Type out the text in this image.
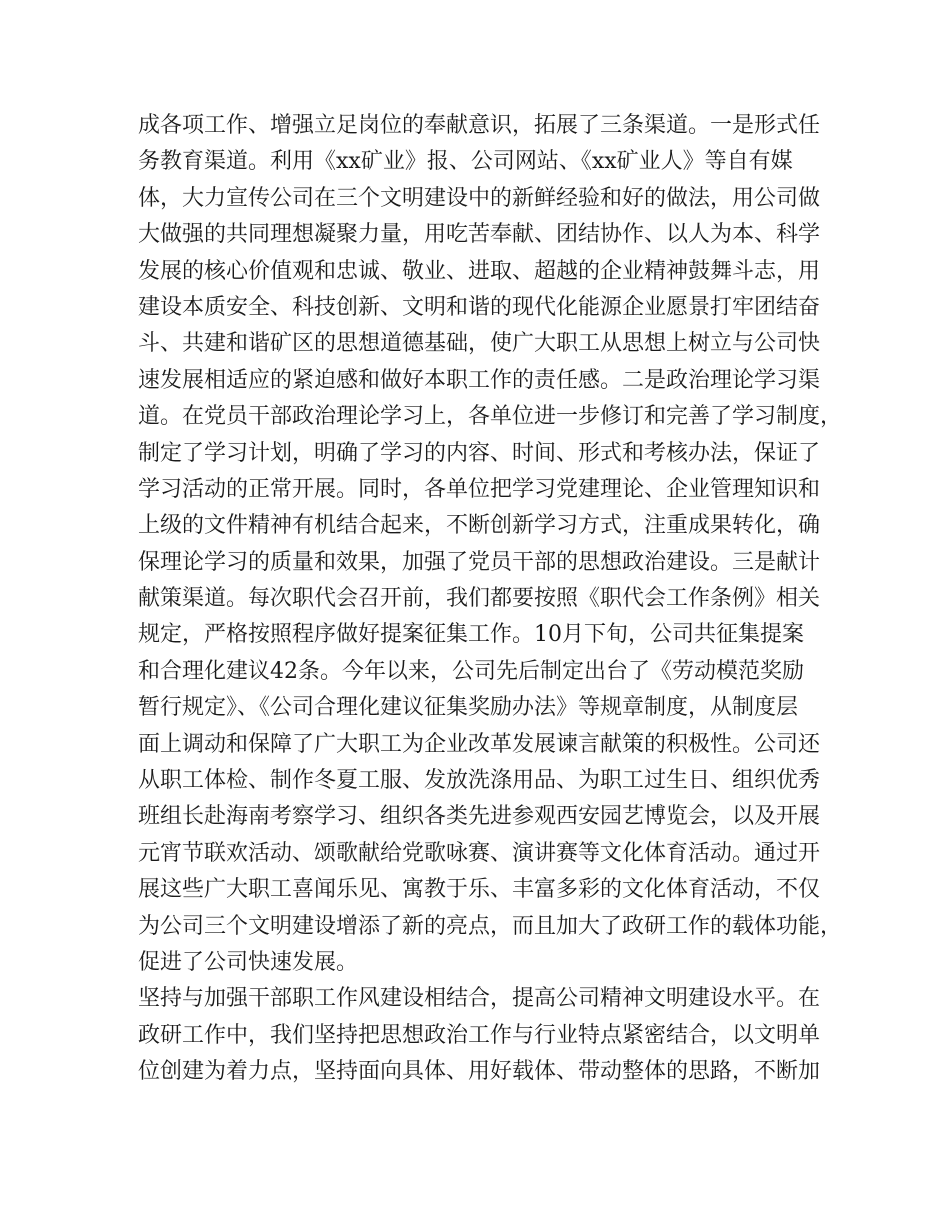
成各项工作、增强立足岗位的奉献意识，拓展了三条渠道。一是形式任
务教育渠道。利用《xx矿业》报、公司网站、《xx矿业人》等自有媒
体，大力宣传公司在三个文明建设中的新鲜经验和好的做法，用公司做
大做强的共同理想凝聚力量，用吃苦奉献、团结协作、以人为本、科学
发展的核心价值观和忠诚、敬业、进取、超越的企业精神鼓舞斗志，用
建设本质安全、科技创新、文明和谐的现代化能源企业愿景打牢团结奋
斗、共建和谐矿区的思想道德基础，使广大职工从思想上树立与公司快
速发展相适应的紧迫感和做好本职工作的责任感。二是政治理论学习渠
道。在党员干部政治理论学习上，各单位进一步修订和完善了学习制度，
制定了学习计划，明确了学习的内容、时间、形式和考核办法，保证了
学习活动的正常开展。同时，各单位把学习党建理论、企业管理知识和
上级的文件精神有机结合起来，不断创新学习方式，注重成果转化，确
保理论学习的质量和效果，加强了党员干部的思想政治建设。三是献计
献策渠道。每次职代会召开前，我们都要按照《职代会工作条例》相关
规定，严格按照程序做好提案征集工作。10月下旬，公司共征集提案
和合理化建议42条。今年以来，公司先后制定出台了《劳动模范奖励
暂行规定》、《公司合理化建议征集奖励办法》等规章制度，从制度层
面上调动和保障了广大职工为企业改革发展谏言献策的积极性。公司还
从职工体检、制作冬夏工服、发放洗涤用品、为职工过生日、组织优秀
班组长赴海南考察学习、组织各类先进参观西安园艺博览会，以及开展
元宵节联欢活动、颂歌献给党歌咏赛、演讲赛等文化体育活动。通过开
展这些广大职工喜闻乐见、寓教于乐、丰富多彩的文化体育活动，不仅
为公司三个文明建设增添了新的亮点，而且加大了政研工作的载体功能，
促进了公司快速发展。
坚持与加强干部职工作风建设相结合，提高公司精神文明建设水平。在
政研工作中，我们坚持把思想政治工作与行业特点紧密结合，以文明单
位创建为着力点，坚持面向具体、用好载体、带动整体的思路，不断加
